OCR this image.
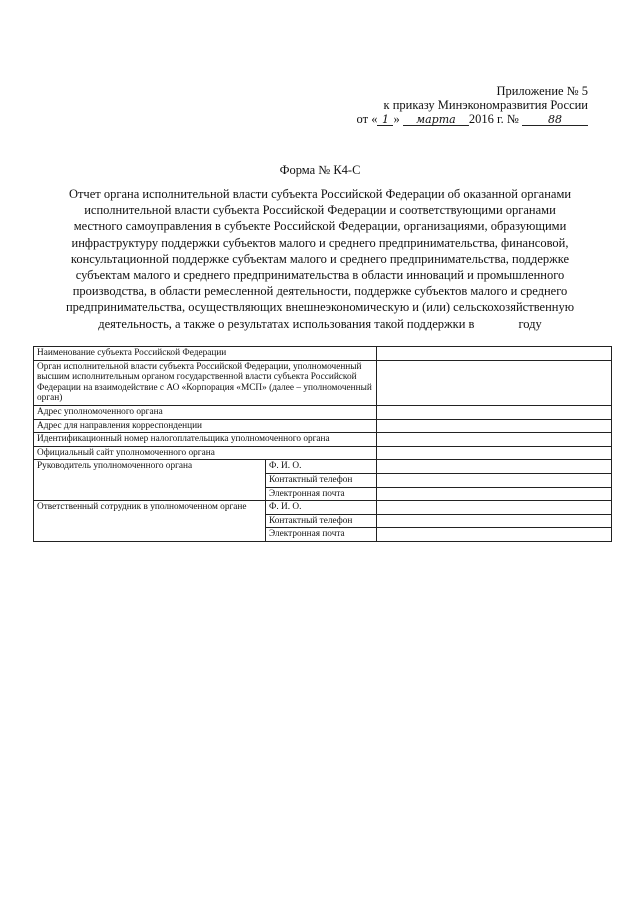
Приложение № 5
к приказу Минэкономразвития России
от « 1 » марта 2016 г. №	88
Форма № К4-С
Отчет органа исполнительной власти субъекта Российской Федерации об оказанной органами
исполнительной власти субъекта Российской Федерации и соответствующими органами
местного самоуправления в субъекте Российской Федерации, организациями, образующими
инфраструктуру поддержки субъектов малого и среднего предпринимательства, финансовой,
консультационной поддержке субъектам малого и среднего предпринимательства, поддержке
субъектам малого и среднего предпринимательства в области инноваций и промышленного
производства, в области ремесленной деятельности, поддержке субъектов малого и среднего
предпринимательства, осуществляющих внешнеэкономическую и (или) сельскохозяйственную
деятельность, а также о результатах использования такой поддержки в	году
Наименование субъекта Российской Федерации		
Орган исполнительной власти субъекта Российской Федерации, уполномоченный высшим исполнительным органом государственной власти субъекта Российской Федерации на взаимодействие с АО «Корпорация «МСП» (далее – уполномоченный орган)		
Адрес уполномоченного органа		
Адрес для направления корреспонденции		
Идентификационный номер налогоплательщика уполномоченного органа		
Официальный сайт уполномоченного органа		
Руководитель уполномоченного органа	Ф. И. О.	
	Контактный телефон	
	Электронная почта	
Ответственный сотрудник в уполномоченном органе	Ф. И. О.	
	Контактный телефон	
	Электронная почта	
